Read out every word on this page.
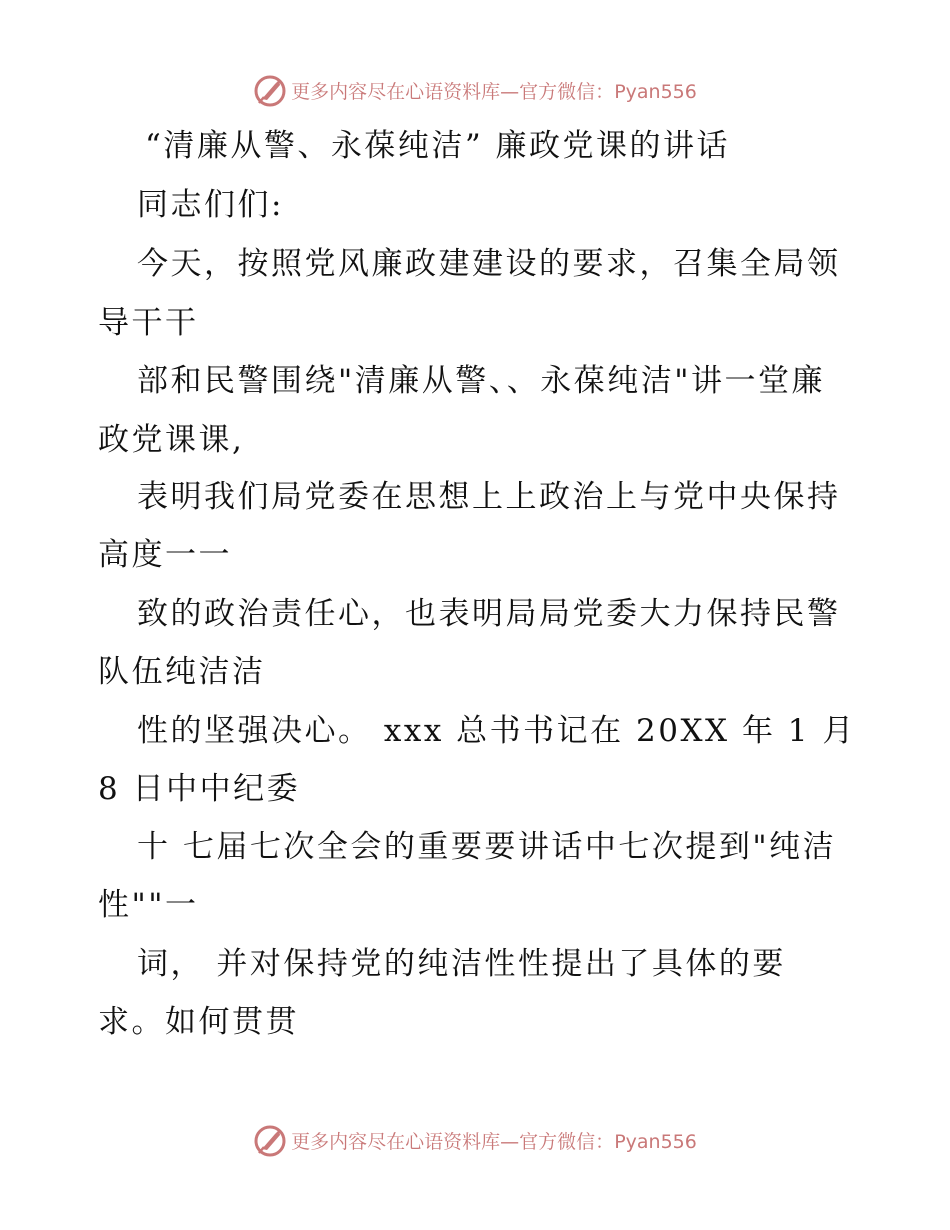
更多内容尽在心语资料库—官方微信：Pyan556
“清廉从警、永葆纯洁” 廉政党课的讲话
同志们们:
今天，按照党风廉政建建设的要求，召集全局领
导干干
部和民警围绕"清廉从警、、永葆纯洁"讲一堂廉
政党课课,
表明我们局党委在思想上上政治上与党中央保持
高度一一
致的政治责任心，也表明局局党委大力保持民警
队伍纯洁洁
性的坚强决心。 xxx 总书书记在 20XX 年 1 月
8 日中中纪委
十 七届七次全会的重要要讲话中七次提到"纯洁
性""一
词， 并对保持党的纯洁性性提出了具体的要
求。如何贯贯
更多内容尽在心语资料库—官方微信：Pyan556
